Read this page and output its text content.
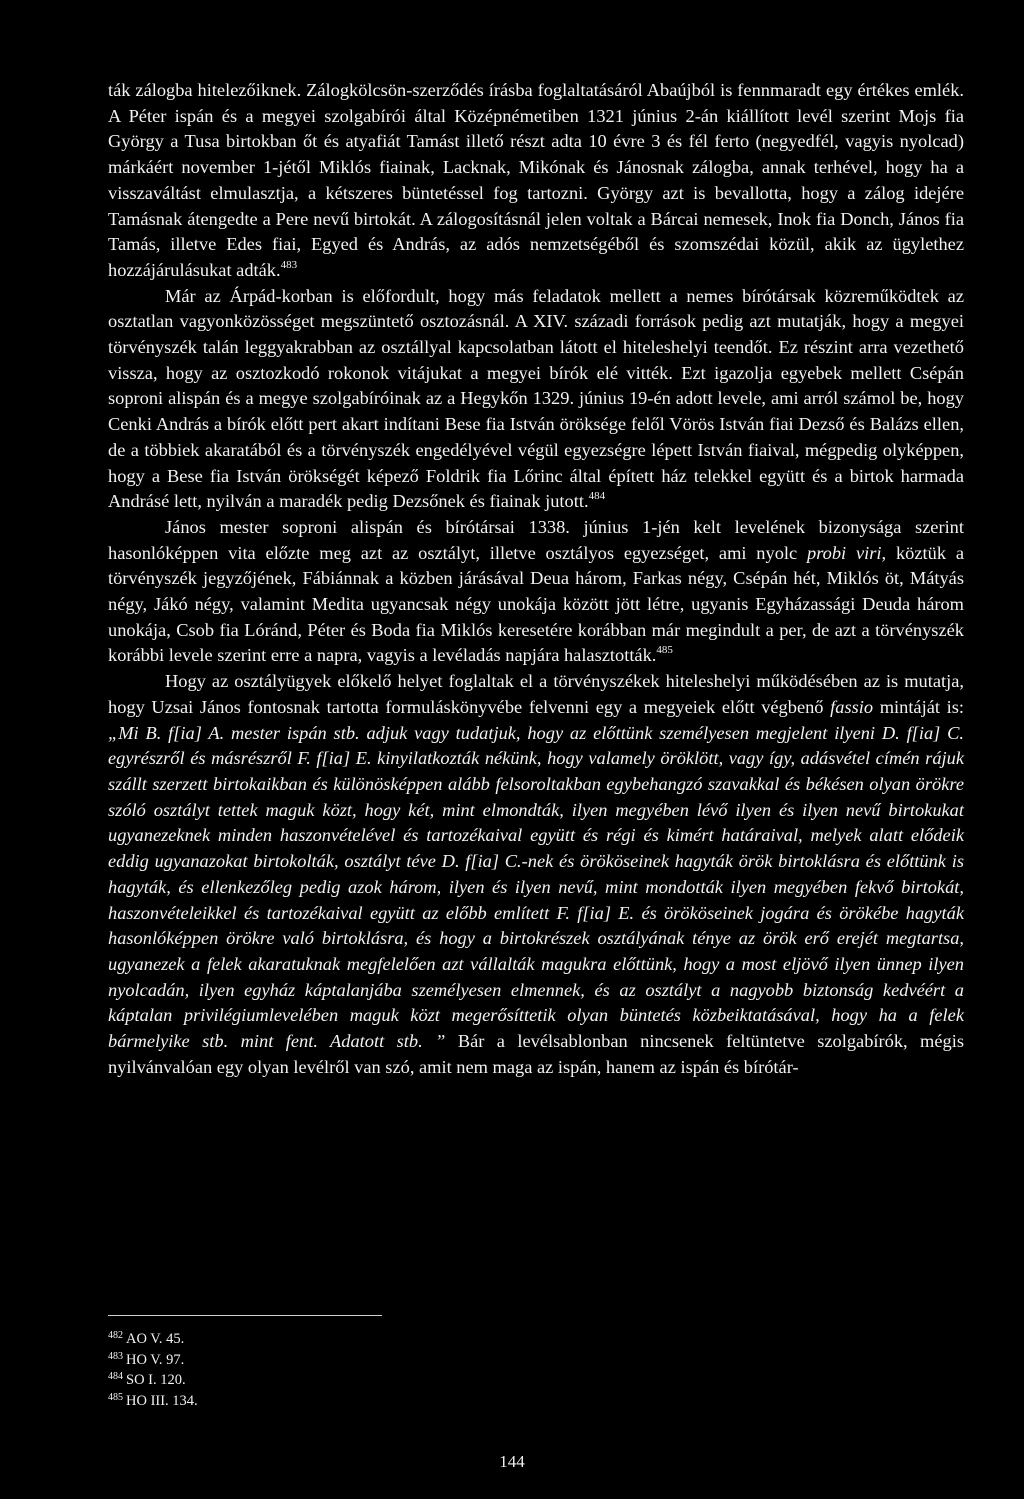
ták zálogba hitelezőiknek. Zálogkölcsön-szerződés írásba foglaltatásáról Abaújból is fennmaradt egy értékes emlék. A Péter ispán és a megyei szolgabírói által Középnémetiben 1321 június 2-án kiállított levél szerint Mojs fia György a Tusa birtokban őt és atyafiát Tamást illető részt adta 10 évre 3 és fél ferto (negyedfél, vagyis nyolcad) márkáért november 1-jétől Miklós fiainak, Lacknak, Mikónak és Jánosnak zálogba, annak terhével, hogy ha a visszaváltást elmulasztja, a kétszeres büntetéssel fog tartozni. György azt is bevallotta, hogy a zálog idejére Tamásnak átengedte a Pere nevű birtokát. A zálogosításnál jelen voltak a Bárcai nemesek, Inok fia Donch, János fia Tamás, illetve Edes fiai, Egyed és András, az adós nemzetségéből és szomszédai közül, akik az ügylethez hozzájárulásukat adták.$^{483}$

Már az Árpád-korban is előfordult, hogy más feladatok mellett a nemes bírótársak közreműködtek az osztatlan vagyonközösséget megszüntető osztozásnál. A XIV. századi források pedig azt mutatják, hogy a megyei törvényszék talán leggyakrabban az osztállyal kapcsolatban látott el hiteleshelyi teendőt. Ez részint arra vezethető vissza, hogy az osztozkodó rokonok vitájukat a megyei bírók elé vitték. Ezt igazolja egyebek mellett Csépán soproni alispán és a megye szolgabíróinak az a Hegykőn 1329. június 19-én adott levele, ami arról számol be, hogy Cenki András a bírók előtt pert akart indítani Bese fia István öröksége felől Vörös István fiai Dezső és Balázs ellen, de a többiek akaratából és a törvényszék engedélyével végül egyezségre lépett István fiaival, mégpedig olyképpen, hogy a Bese fia István örökségét képező Foldrik fia Lőrinc által épített ház telekkel együtt és a birtok harmada Andrásé lett, nyilván a maradék pedig Dezsőnek és fiainak jutott.$^{484}$

János mester soproni alispán és bírótársai 1338. június 1-jén kelt levelének bizonysága szerint hasonlóképpen vita előzte meg azt az osztályt, illetve osztályos egyezséget, ami nyolc probi viri, köztük a törvényszék jegyzőjének, Fábiánnak a közben járásával Deua három, Farkas négy, Csépán hét, Miklós öt, Mátyás négy, Jákó négy, valamint Medita ugyancsak négy unokája között jött létre, ugyanis Egyházassági Deuda három unokája, Csob fia Lóránd, Péter és Boda fia Miklós keresetére korábban már megindult a per, de azt a törvényszék korábbi levele szerint erre a napra, vagyis a levéladás napjára halasztották.$^{485}$

Hogy az osztályügyek előkelő helyet foglaltak el a törvényszékek hiteleshelyi működésében az is mutatja, hogy Uzsai János fontosnak tartotta formuláskönyvébe felvenni egy a megyeiek előtt végbenő fassio mintáját is: „Mi B. f[ia] A. mester ispán stb. adjuk vagy tudatjuk, hogy az előttünk személyesen megjelent ilyeni D. f[ia] C. egyrészről és másrészről F. f[ia] E. kinyilatkozták nékünk, hogy valamely öröklött, vagy így, adásvétel címén rájuk szállt szerzett birtokaikban és különösképpen alább felsoroltakban egybehangzó szavakkal és békésen olyan örökre szóló osztályt tettek maguk közt, hogy két, mint elmondták, ilyen megyében lévő ilyen és ilyen nevű birtokukat ugyanezeknek minden haszonvételével és tartozékaival együtt és régi és kimért határaival, melyek alatt elődeik eddig ugyanazokat birtokolták, osztályt téve D. f[ia] C.-nek és örököseinek hagyták örök birtoklásra és előttünk is hagyták, és ellenkezőleg pedig azok három, ilyen és ilyen nevű, mint mondották ilyen megyében fekvő birtokát, haszonvételeikkel és tartozékaival együtt az előbb említett F. f[ia] E. és örököseinek jogára és örökébe hagyták hasonlóképpen örökre való birtoklásra, és hogy a birtokrészek osztályának tényе az örök erő erejét megtartsa, ugyanezek a felek akaratuknak megfelelően azt vállalták magukra előttünk, hogy a most eljövő ilyen ünnep ilyen nyolcadán, ilyen egyház káptalanjába személyesen elmennek, és az osztályt a nagyobb biztonság kedvéért a káptalan privilégiumlevelében maguk közt megerősíttetik olyan büntetés közbeiktatásával, hogy ha a felek bármelyike stb. mint fent. Adatott stb. ” Bár a levélsablonban nincsenek feltüntetve szolgabírók, mégis nyilvánvalóan egy olyan levélről van szó, amit nem maga az ispán, hanem az ispán és bírótár-

$^{482}$ AO V. 45.
$^{483}$ HO V. 97.
$^{484}$ SO I. 120.
$^{485}$ HO III. 134.
144
